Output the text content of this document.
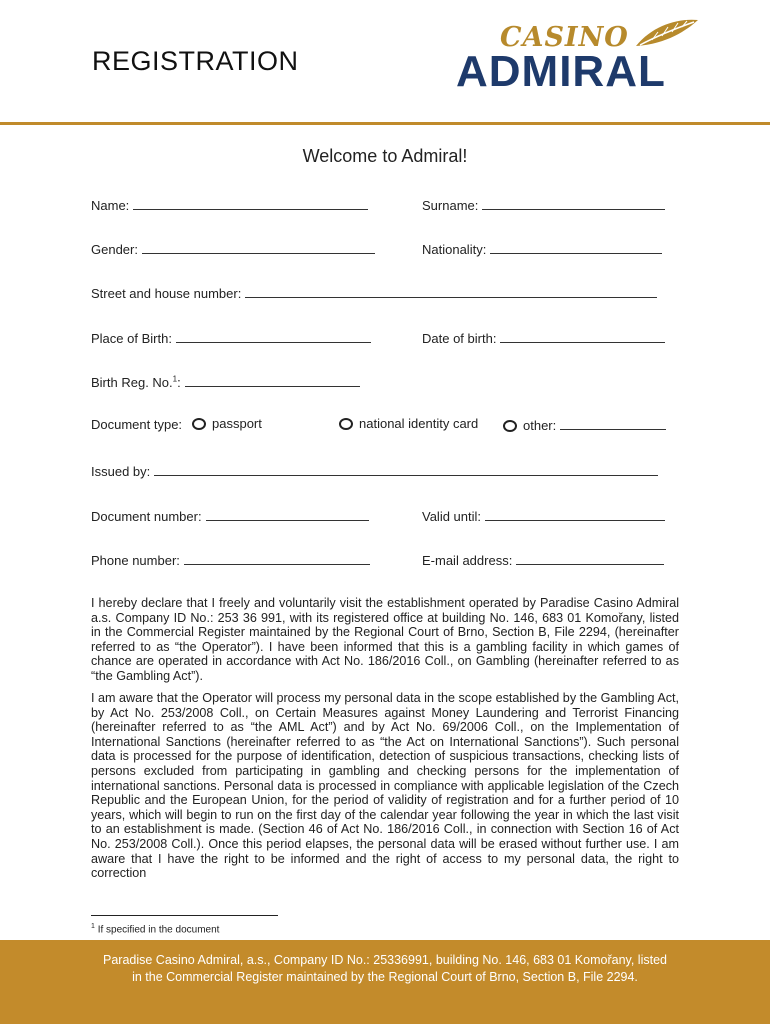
REGISTRATION
CASINO
ADMIRAL
Welcome to Admiral!
Name:	Surname:
Gender:	Nationality:
Street and house number:
Place of Birth:	Date of birth:
Birth Reg. No.$^1$:
Document type:	passport	national identity card	other:
Issued by:
Document number:	Valid until:
Phone number:	E-mail address:
I hereby declare that I freely and voluntarily visit the establishment operated by Paradise Casino Admiral a.s. Company ID No.: 253 36 991, with its registered office at building No. 146, 683 01 Komořany, listed in the Commercial Register maintained by the Regional Court of Brno, Section B, File 2294, (hereinafter referred to as “the Operator”). I have been informed that this is a gambling facility in which games of chance are operated in accordance with Act No. 186/2016 Coll., on Gambling (hereinafter referred to as “the Gambling Act”).
I am aware that the Operator will process my personal data in the scope established by the Gambling Act, by Act No. 253/2008 Coll., on Certain Measures against Money Laundering and Terrorist Financing (hereinafter referred to as “the AML Act”) and by Act No. 69/2006 Coll., on the Implementation of International Sanctions (hereinafter referred to as “the Act on International Sanctions”). Such personal data is processed for the purpose of identification, detection of suspicious transactions, checking lists of persons excluded from participating in gambling and checking persons for the implementation of international sanctions. Personal data is processed in compliance with applicable legislation of the Czech Republic and the European Union, for the period of validity of registration and for a further period of 10 years, which will begin to run on the first day of the calendar year following the year in which the last visit to an establishment is made. (Section 46 of Act No. 186/2016 Coll., in connection with Section 16 of Act No. 253/2008 Coll.). Once this period elapses, the personal data will be erased without further use. I am aware that I have the right to be informed and the right of access to my personal data, the right to correction
$^1$ If specified in the document
Paradise Casino Admiral, a.s., Company ID No.: 25336991, building No. 146, 683 01 Komořany, listed
in the Commercial Register maintained by the Regional Court of Brno, Section B, File 2294.
